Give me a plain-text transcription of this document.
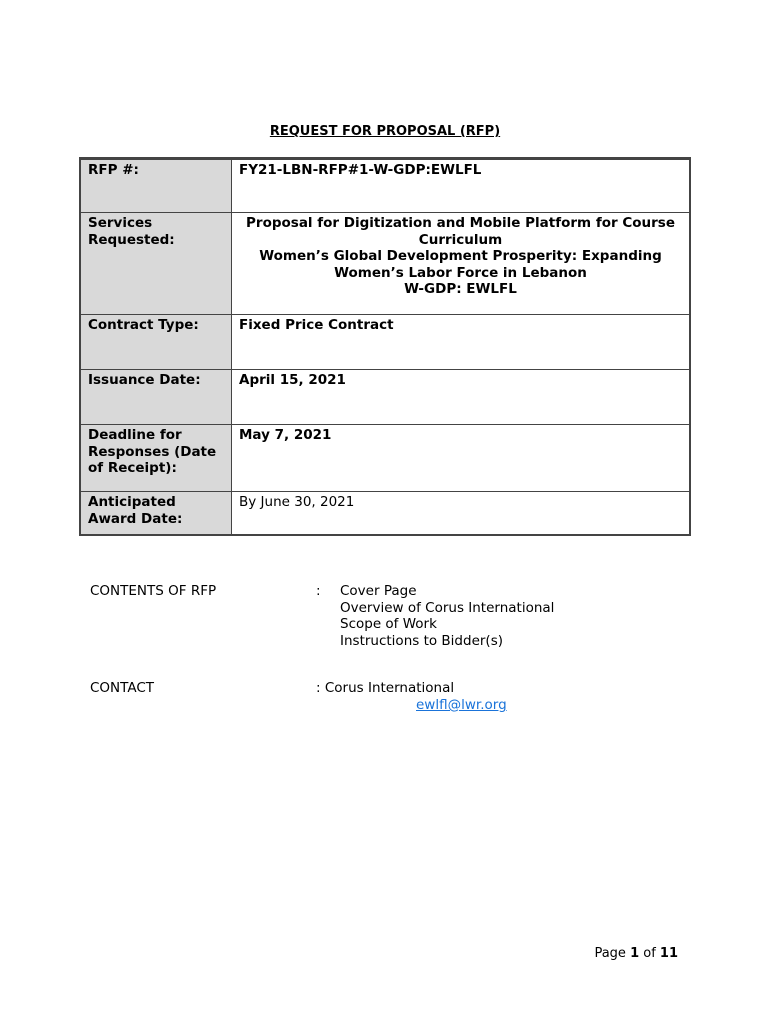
REQUEST FOR PROPOSAL (RFP)
RFP #:	FY21-LBN-RFP#1-W-GDP:EWLFL
Services Requested:	Proposal for Digitization and Mobile Platform for Course Curriculum
Women’s Global Development Prosperity: Expanding Women’s Labor Force in Lebanon
W-GDP: EWLFL

Contract Type:	Fixed Price Contract
Issuance Date:	April 15, 2021
Deadline for Responses (Date of Receipt):	May 7, 2021
Anticipated Award Date:	By June 30, 2021
CONTENTS OF RFP	: Cover Page
Overview of Corus International
Scope of Work
Instructions to Bidder(s)
CONTACT	: Corus International
ewlfl@lwr.org
Page 1 of 11
